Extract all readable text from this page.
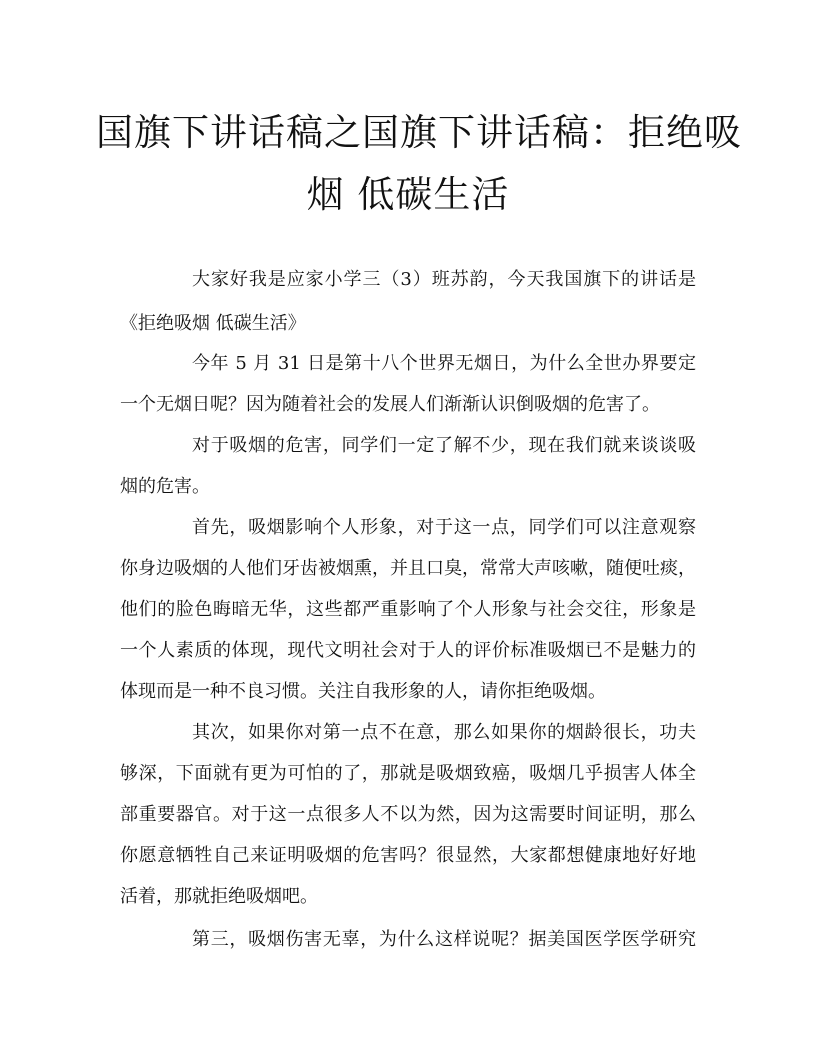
国旗下讲话稿之国旗下讲话稿：拒绝吸
烟 低碳生活
大家好我是应家小学三（3）班苏韵，今天我国旗下的讲话是
《拒绝吸烟 低碳生活》
今年 5 月 31 日是第十八个世界无烟日，为什么全世办界要定
一个无烟日呢？因为随着社会的发展人们渐渐认识倒吸烟的危害了。
对于吸烟的危害，同学们一定了解不少，现在我们就来谈谈吸
烟的危害。
首先，吸烟影响个人形象，对于这一点，同学们可以注意观察
你身边吸烟的人他们牙齿被烟熏，并且口臭，常常大声咳嗽，随便吐痰，
他们的脸色晦暗无华，这些都严重影响了个人形象与社会交往，形象是
一个人素质的体现，现代文明社会对于人的评价标准吸烟已不是魅力的
体现而是一种不良习惯。关注自我形象的人，请你拒绝吸烟。
其次，如果你对第一点不在意，那么如果你的烟龄很长，功夫
够深，下面就有更为可怕的了，那就是吸烟致癌，吸烟几乎损害人体全
部重要器官。对于这一点很多人不以为然，因为这需要时间证明，那么
你愿意牺牲自己来证明吸烟的危害吗？很显然，大家都想健康地好好地
活着，那就拒绝吸烟吧。
第三，吸烟伤害无辜，为什么这样说呢？据美国医学医学研究
